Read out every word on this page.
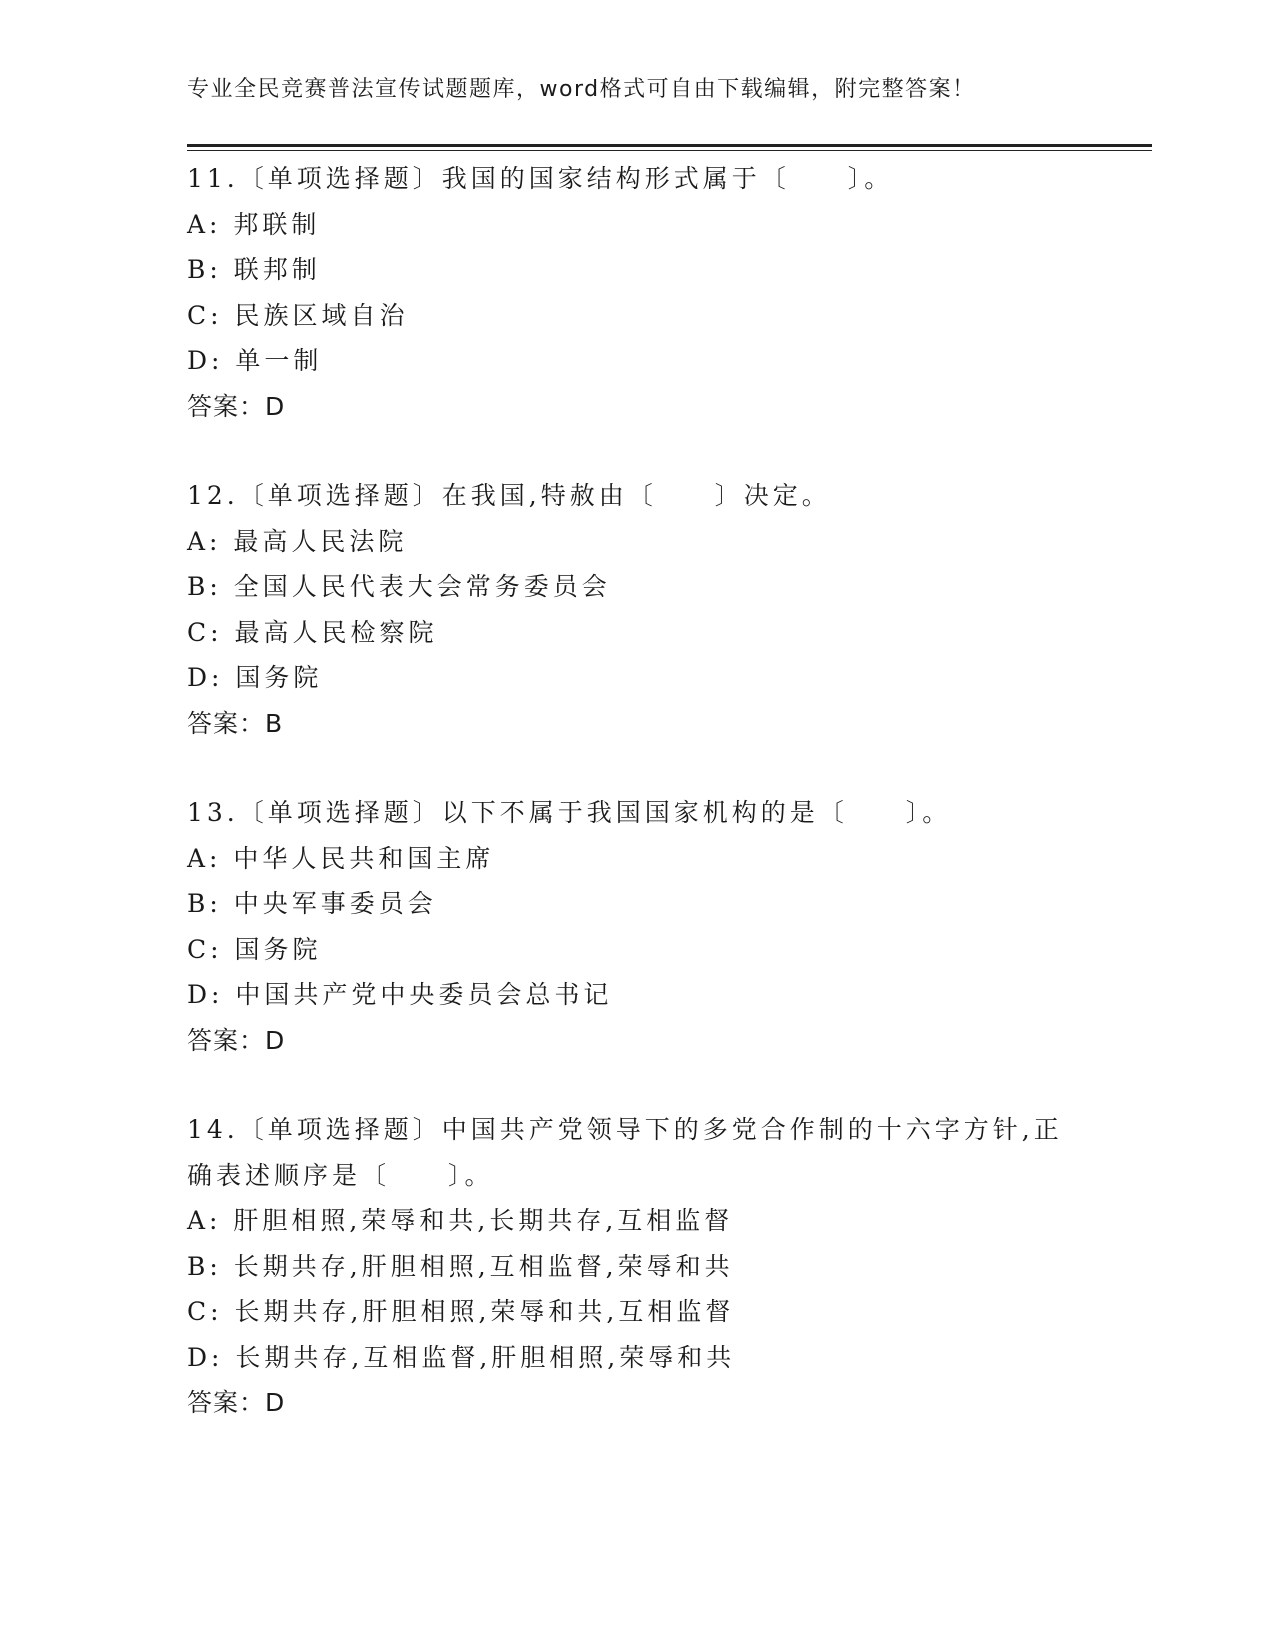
专业全民竞赛普法宣传试题题库，word格式可自由下载编辑，附完整答案！
11.〔单项选择题〕我国的国家结构形式属于〔　　〕。
A: 邦联制
B: 联邦制
C: 民族区域自治
D: 单一制
答案：D
12.〔单项选择题〕在我国,特赦由〔　　〕决定。
A: 最高人民法院
B: 全国人民代表大会常务委员会
C: 最高人民检察院
D: 国务院
答案：B
13.〔单项选择题〕以下不属于我国国家机构的是〔　　〕。
A: 中华人民共和国主席
B: 中央军事委员会
C: 国务院
D: 中国共产党中央委员会总书记
答案：D
14.〔单项选择题〕中国共产党领导下的多党合作制的十六字方针,正
确表述顺序是〔　　〕。
A: 肝胆相照,荣辱和共,长期共存,互相监督
B: 长期共存,肝胆相照,互相监督,荣辱和共
C: 长期共存,肝胆相照,荣辱和共,互相监督
D: 长期共存,互相监督,肝胆相照,荣辱和共
答案：D
